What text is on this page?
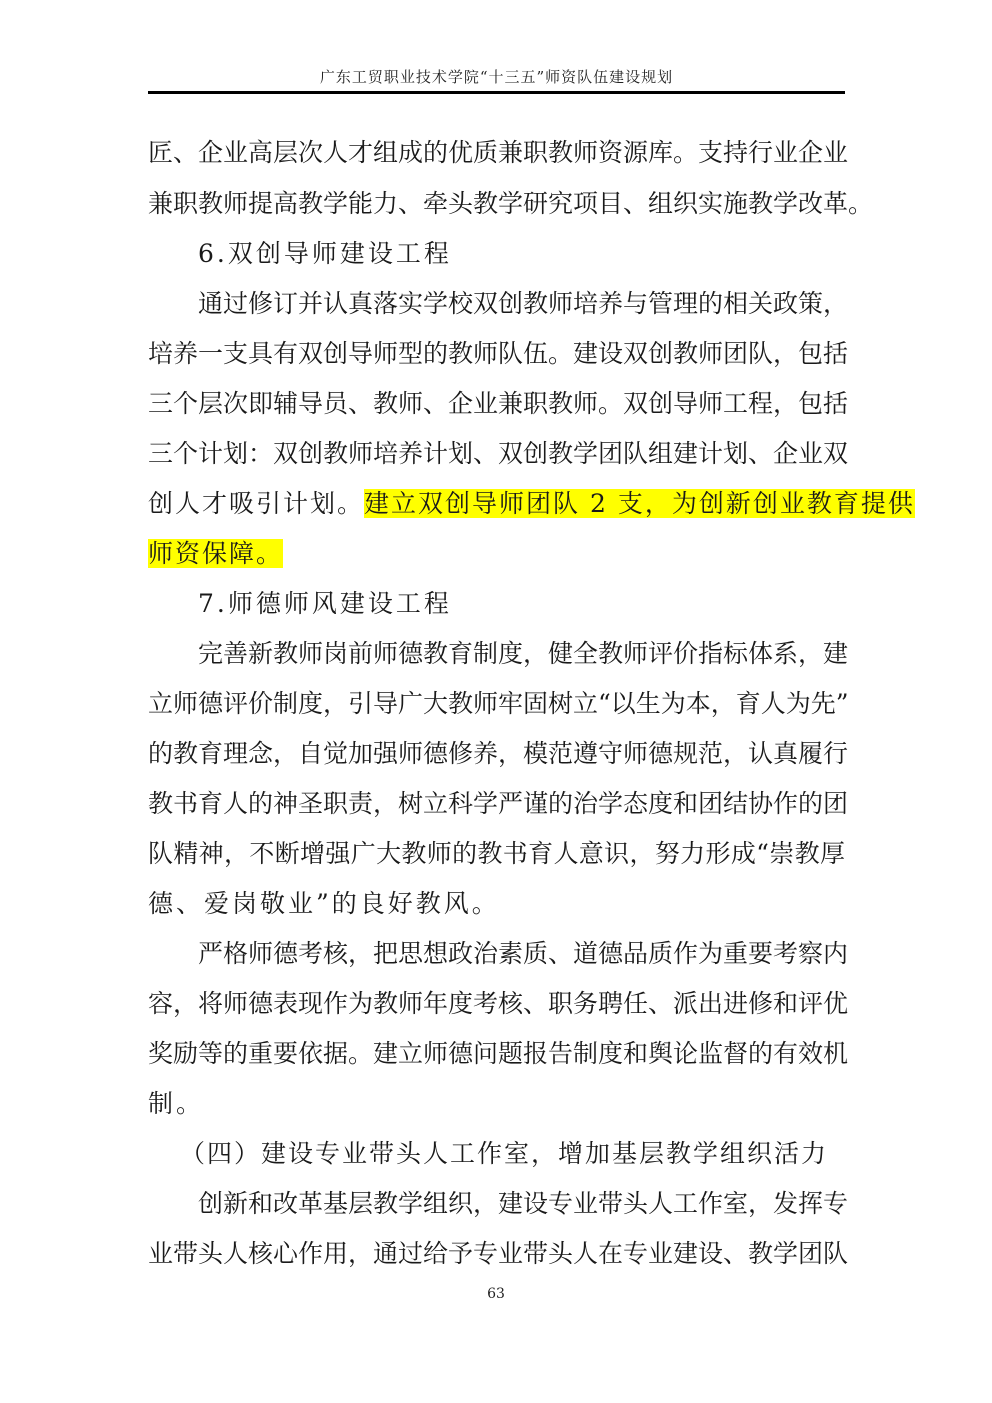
广东工贸职业技术学院“十三五”师资队伍建设规划
匠、企业高层次人才组成的优质兼职教师资源库。支持行业企业
兼职教师提高教学能力、牵头教学研究项目、组织实施教学改革。
6.双创导师建设工程
通过修订并认真落实学校双创教师培养与管理的相关政策，
培养一支具有双创导师型的教师队伍。建设双创教师团队，包括
三个层次即辅导员、教师、企业兼职教师。双创导师工程，包括
三个计划：双创教师培养计划、双创教学团队组建计划、企业双
创人才吸引计划。建立双创导师团队 2 支，为创新创业教育提供
师资保障。
7.师德师风建设工程
完善新教师岗前师德教育制度，健全教师评价指标体系，建
立师德评价制度，引导广大教师牢固树立“以生为本，育人为先”
的教育理念，自觉加强师德修养，模范遵守师德规范，认真履行
教书育人的神圣职责，树立科学严谨的治学态度和团结协作的团
队精神，不断增强广大教师的教书育人意识，努力形成“崇教厚
德、爱岗敬业”的良好教风。
严格师德考核，把思想政治素质、道德品质作为重要考察内
容，将师德表现作为教师年度考核、职务聘任、派出进修和评优
奖励等的重要依据。建立师德问题报告制度和舆论监督的有效机
制。
（四）建设专业带头人工作室，增加基层教学组织活力
创新和改革基层教学组织，建设专业带头人工作室，发挥专
业带头人核心作用，通过给予专业带头人在专业建设、教学团队
63
